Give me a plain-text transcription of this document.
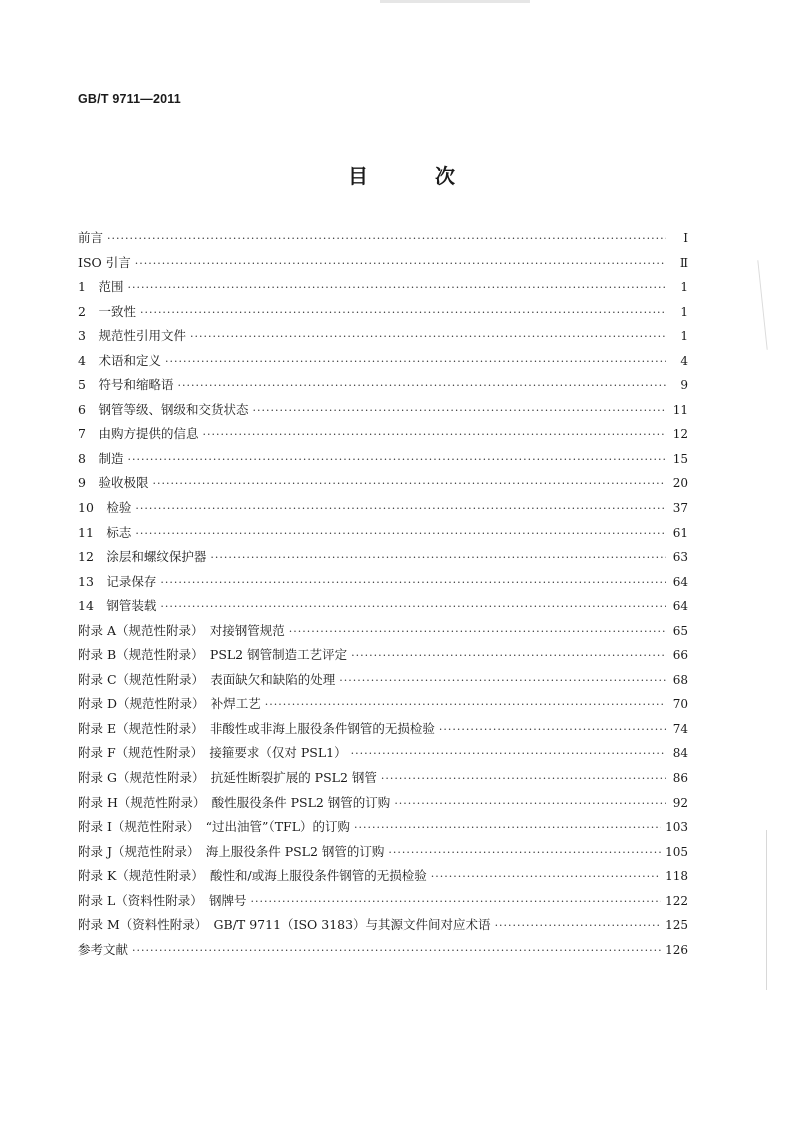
GB/T 9711—2011
目 次
前言 ·····	Ⅰ
ISO 引言 ·····	Ⅱ
1　范围 ·····	1
2　一致性 ·····	1
3　规范性引用文件 ·····	1
4　术语和定义 ·····	4
5　符号和缩略语 ·····	9
6　钢管等级、钢级和交货状态 ·····	11
7　由购方提供的信息 ·····	12
8　制造 ·····	15
9　验收极限 ·····	20
10　检验 ·····	37
11　标志 ·····	61
12　涂层和螺纹保护器 ·····	63
13　记录保存 ·····	64
14　钢管装载 ·····	64
附录 A（规范性附录）　对接钢管规范 ·····	65
附录 B（规范性附录）　PSL2 钢管制造工艺评定 ·····	66
附录 C（规范性附录）　表面缺欠和缺陷的处理 ·····	68
附录 D（规范性附录）　补焊工艺 ·····	70
附录 E（规范性附录）　非酸性或非海上服役条件钢管的无损检验 ·····	74
附录 F（规范性附录）　接箍要求（仅对 PSL1） ·····	84
附录 G（规范性附录）　抗延性断裂扩展的 PSL2 钢管 ·····	86
附录 H（规范性附录）　酸性服役条件 PSL2 钢管的订购 ·····	92
附录 I（规范性附录）　“过出油管”（TFL）的订购 ·····	103
附录 J（规范性附录）　海上服役条件 PSL2 钢管的订购 ·····	105
附录 K（规范性附录）　酸性和/或海上服役条件钢管的无损检验 ·····	118
附录 L（资料性附录）　钢牌号 ·····	122
附录 M（资料性附录）　GB/T 9711（ISO 3183）与其源文件间对应术语 ·····	125
参考文献 ·····	126
